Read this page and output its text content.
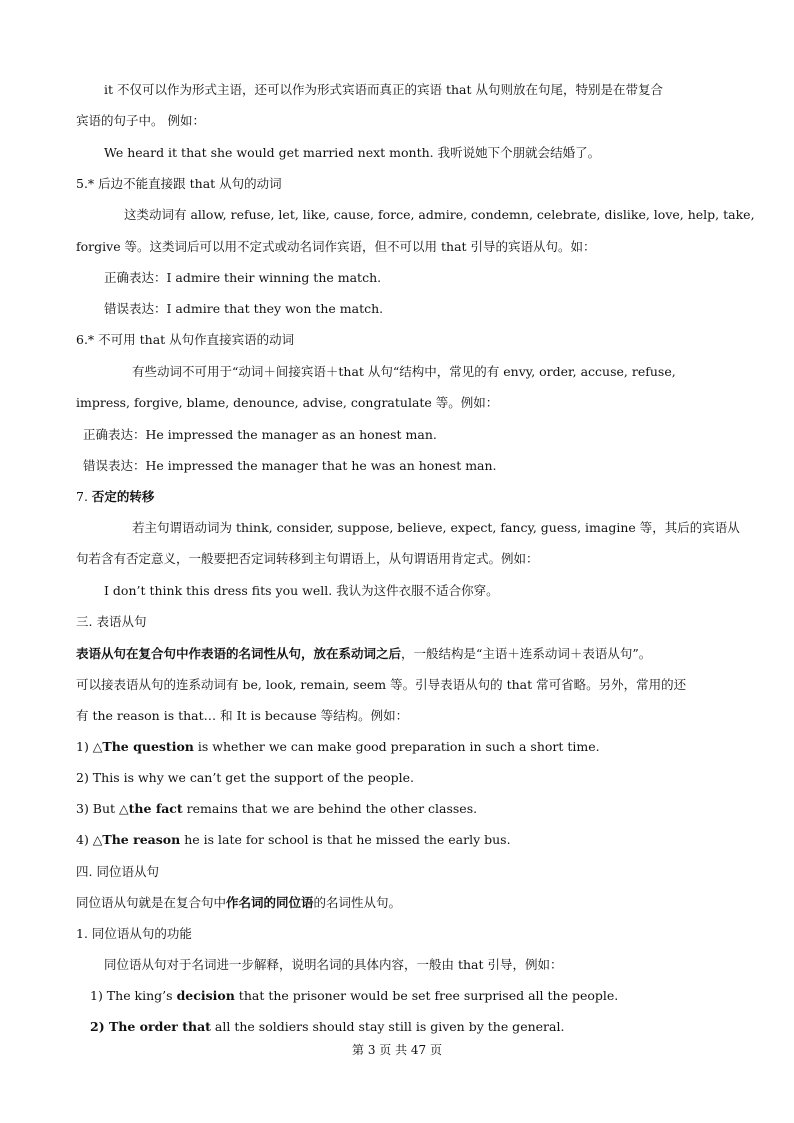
it 不仅可以作为形式主语，还可以作为形式宾语而真正的宾语 that 从句则放在句尾，特别是在带复合
宾语的句子中。 例如：
We heard it that she would get married next month. 我听说她下个朋就会结婚了。
5.* 后边不能直接跟 that 从句的动词
这类动词有 allow, refuse, let, like, cause, force, admire, condemn, celebrate, dislike, love, help, take,
forgive 等。这类词后可以用不定式或动名词作宾语，但不可以用 that 引导的宾语从句。如：
正确表达：I admire their winning the match.
错误表达：I admire that they won the match.
6.* 不可用 that 从句作直接宾语的动词
有些动词不可用于“动词＋间接宾语＋that 从句“结构中，常见的有 envy, order, accuse, refuse,
impress, forgive, blame, denounce, advise, congratulate 等。例如：
正确表达：He impressed the manager as an honest man.
错误表达：He impressed the manager that he was an honest man.
7. 否定的转移
若主句谓语动词为 think, consider, suppose, believe, expect, fancy, guess, imagine 等，其后的宾语从
句若含有否定意义，一般要把否定词转移到主句谓语上，从句谓语用肯定式。例如：
I don’t think this dress fits you well. 我认为这件衣服不适合你穿。
三. 表语从句
表语从句在复合句中作表语的名词性从句，放在系动词之后，一般结构是“主语＋连系动词＋表语从句”。
可以接表语从句的连系动词有 be, look, remain, seem 等。引导表语从句的 that 常可省略。另外，常用的还
有 the reason is that… 和 It is because 等结构。例如：
1) △The question is whether we can make good preparation in such a short time.
2) This is why we can’t get the support of the people.
3) But △the fact remains that we are behind the other classes.
4) △The reason he is late for school is that he missed the early bus.
四. 同位语从句
同位语从句就是在复合句中作名词的同位语的名词性从句。
1. 同位语从句的功能
同位语从句对于名词进一步解释，说明名词的具体内容，一般由 that 引导，例如：
1) The king’s decision that the prisoner would be set free surprised all the people.
2) The order that all the soldiers should stay still is given by the general.
第 3 页 共 47 页
